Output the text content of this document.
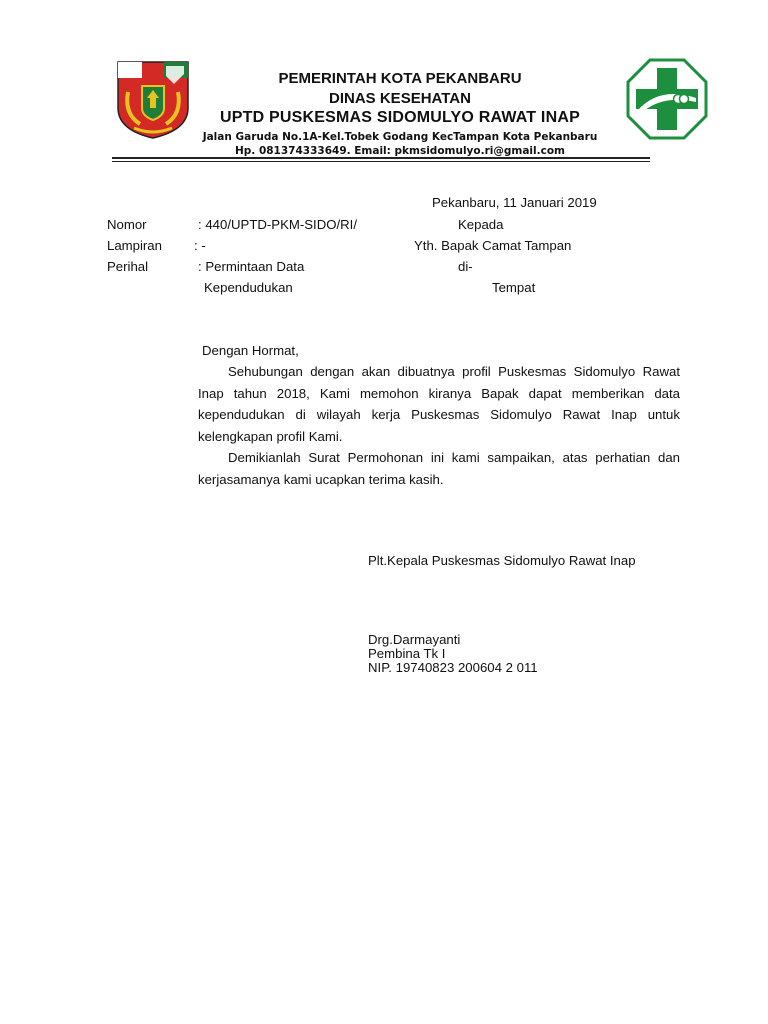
PEMERINTAH KOTA PEKANBARU
DINAS KESEHATAN
UPTD PUSKESMAS SIDOMULYO RAWAT INAP
Jalan Garuda No.1A-Kel.Tobek Godang KecTampan Kota Pekanbaru
Hp. 081374333649. Email: pkmsidomulyo.ri@gmail.com
Pekanbaru, 11 Januari 2019
Nomor	: 440/UPTD-PKM-SIDO/RI/
Lampiran : -
Perihal	: Permintaan Data
Kependudukan
Kepada
Yth. Bapak Camat Tampan
di-
Tempat
Dengan Hormat,

Sehubungan dengan akan dibuatnya profil Puskesmas Sidomulyo Rawat Inap tahun 2018, Kami memohon kiranya Bapak dapat memberikan data kependudukan di wilayah kerja Puskesmas Sidomulyo Rawat Inap untuk kelengkapan profil Kami.

Demikianlah Surat Permohonan ini kami sampaikan, atas perhatian dan kerjasamanya kami ucapkan terima kasih.

Plt.Kepala Puskesmas Sidomulyo Rawat Inap
Drg.Darmayanti
Pembina Tk I
NIP. 19740823 200604 2 011
